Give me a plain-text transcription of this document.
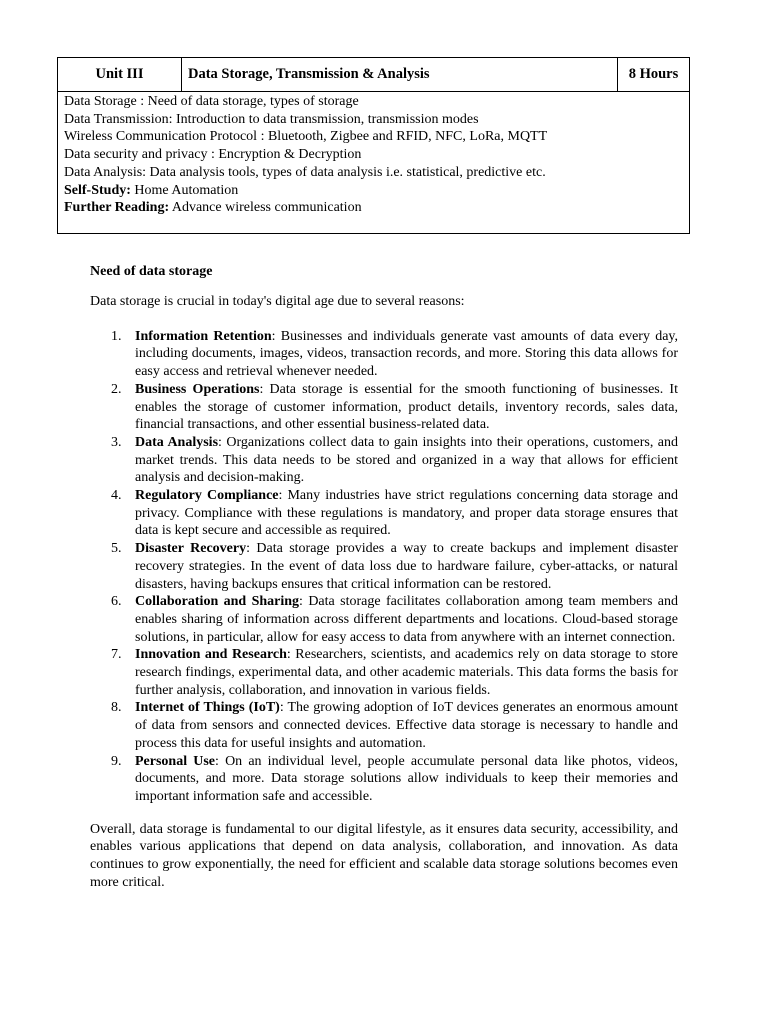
Unit III	Data Storage, Transmission & Analysis	8 Hours
Data Storage : Need of data storage, types of storage
Data Transmission: Introduction to data transmission, transmission modes
Wireless Communication Protocol : Bluetooth, Zigbee and RFID, NFC, LoRa, MQTT
Data security and privacy : Encryption & Decryption
Data Analysis: Data analysis tools, types of data analysis i.e. statistical, predictive etc.
Self-Study: Home Automation
Further Reading: Advance wireless communication
Need of data storage

Data storage is crucial in today's digital age due to several reasons:

1. Information Retention: Businesses and individuals generate vast amounts of data every day, including documents, images, videos, transaction records, and more. Storing this data allows for easy access and retrieval whenever needed.
2. Business Operations: Data storage is essential for the smooth functioning of businesses. It enables the storage of customer information, product details, inventory records, sales data, financial transactions, and other essential business-related data.
3. Data Analysis: Organizations collect data to gain insights into their operations, customers, and market trends. This data needs to be stored and organized in a way that allows for efficient analysis and decision-making.
4. Regulatory Compliance: Many industries have strict regulations concerning data storage and privacy. Compliance with these regulations is mandatory, and proper data storage ensures that data is kept secure and accessible as required.
5. Disaster Recovery: Data storage provides a way to create backups and implement disaster recovery strategies. In the event of data loss due to hardware failure, cyber-attacks, or natural disasters, having backups ensures that critical information can be restored.
6. Collaboration and Sharing: Data storage facilitates collaboration among team members and enables sharing of information across different departments and locations. Cloud-based storage solutions, in particular, allow for easy access to data from anywhere with an internet connection.
7. Innovation and Research: Researchers, scientists, and academics rely on data storage to store research findings, experimental data, and other academic materials. This data forms the basis for further analysis, collaboration, and innovation in various fields.
8. Internet of Things (IoT): The growing adoption of IoT devices generates an enormous amount of data from sensors and connected devices. Effective data storage is necessary to handle and process this data for useful insights and automation.
9. Personal Use: On an individual level, people accumulate personal data like photos, videos, documents, and more. Data storage solutions allow individuals to keep their memories and important information safe and accessible.

Overall, data storage is fundamental to our digital lifestyle, as it ensures data security, accessibility, and enables various applications that depend on data analysis, collaboration, and innovation. As data continues to grow exponentially, the need for efficient and scalable data storage solutions becomes even more critical.
